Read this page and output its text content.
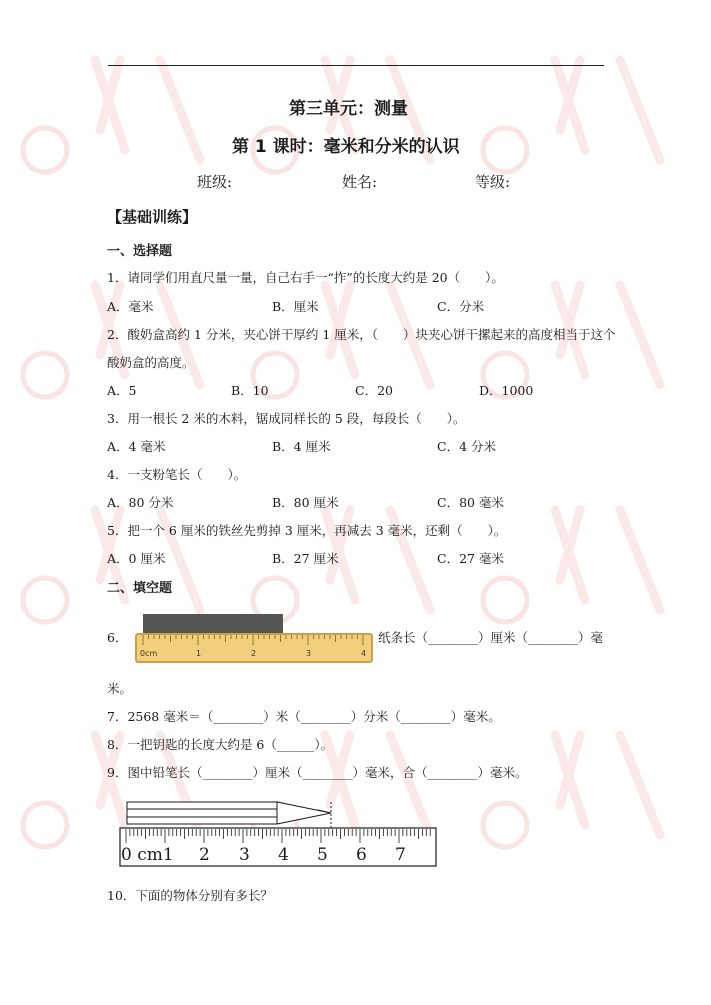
第三单元：测量
第 1 课时：毫米和分米的认识
班级:	姓名:	等级:
【基础训练】
一、选择题
1．请同学们用直尺量一量，自己右手一“拃”的长度大约是 20（　　）。
A．毫米	B．厘米	C．分米
2．酸奶盒高约 1 分米，夹心饼干厚约 1 厘米，（　　）块夹心饼干摞起来的高度相当于这个
酸奶盒的高度。
A．5	B．10	C．20	D．1000
3．用一根长 2 米的木料，锯成同样长的 5 段，每段长（　　）。
A．4 毫米	B．4 厘米	C．4 分米
4．一支粉笔长（　　）。
A．80 分米	B．80 厘米	C．80 毫米
5．把一个 6 厘米的铁丝先剪掉 3 厘米，再减去 3 毫米，还剩（　　）。
A．0 厘米	B．27 厘米	C．27 毫米
二、填空题
6．
0cm	1	2	3	4
纸条长（________）厘米（________）毫
米。
7．2568 毫米＝（________）米（________）分米（________）毫米。
8．一把钥匙的长度大约是 6（______）。
9．图中铅笔长（________）厘米（________）毫米，合（________）毫米。
0 cm1 2 3 4 5 6 7
10．下面的物体分别有多长？
